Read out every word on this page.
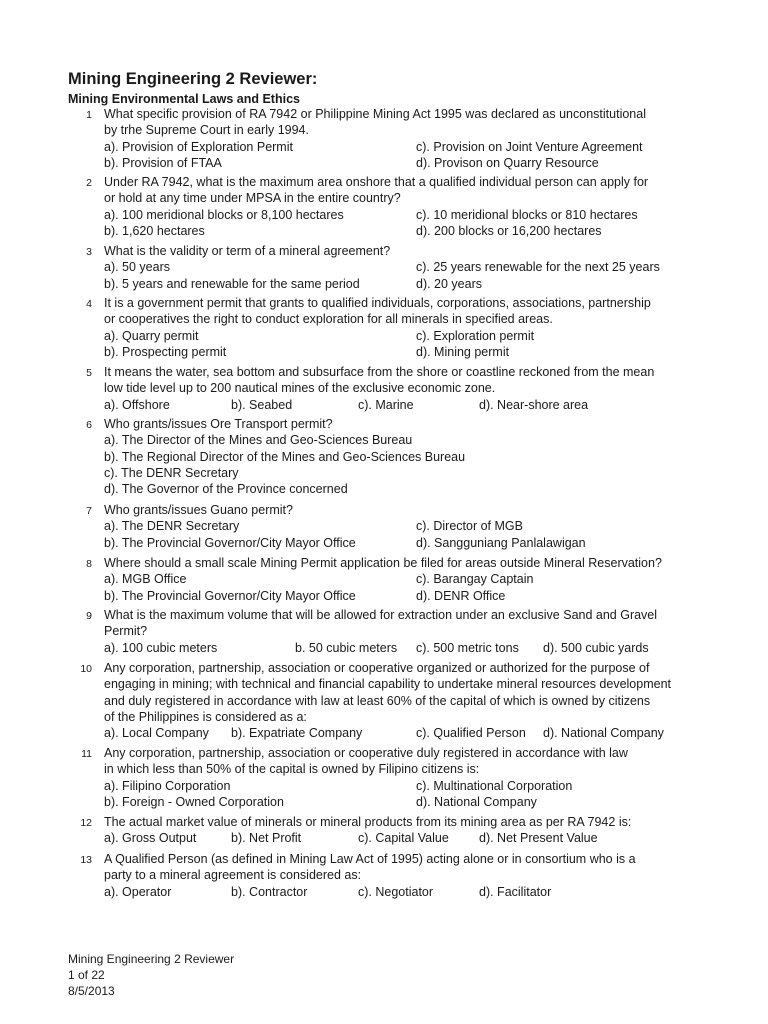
Mining Engineering 2 Reviewer:
Mining Environmental Laws and Ethics
1 What specific provision of RA 7942 or Philippine Mining Act 1995 was declared as unconstitutional
by trhe Supreme Court in early 1994.
a). Provision of Exploration Permit
b). Provision of FTAA
c). Provision on Joint Venture Agreement
d). Provison on Quarry Resource
2 Under RA 7942, what is the maximum area onshore that a qualified individual person can apply for
or hold at any time under MPSA in the entire country?
a). 100 meridional blocks or 8,100 hectares
b). 1,620 hectares
c). 10 meridional blocks or 810 hectares
d). 200 blocks or 16,200 hectares
3 What is the validity or term of a mineral agreement?
a). 50 years
b). 5 years and renewable for the same period
c). 25 years renewable for the next 25 years
d). 20 years
4 It is a government permit that grants to qualified individuals, corporations, associations, partnership
or cooperatives the right to conduct exploration for all minerals in specified areas.
a). Quarry permit
b). Prospecting permit
c). Exploration permit
d). Mining permit
5 It means the water, sea bottom and subsurface from the shore or coastline reckoned from the mean
low tide level up to 200 nautical mines of the exclusive economic zone.
a). Offshore	b). Seabed	c). Marine	d). Near-shore area
6 Who grants/issues Ore Transport permit?
a). The Director of the Mines and Geo-Sciences Bureau
b). The Regional Director of the Mines and Geo-Sciences Bureau
c). The DENR Secretary
d). The Governor of the Province concerned
7 Who grants/issues Guano permit?
a). The DENR Secretary
b). The Provincial Governor/City Mayor Office
c). Director of MGB
d). Sangguniang Panlalawigan
8 Where should a small scale Mining Permit application be filed for areas outside Mineral Reservation?
a). MGB Office
b). The Provincial Governor/City Mayor Office
c). Barangay Captain
d). DENR Office
9 What is the maximum volume that will be allowed for extraction under an exclusive Sand and Gravel
Permit?
a). 100 cubic meters	b. 50 cubic meters c). 500 metric tons d). 500 cubic yards
10 Any corporation, partnership, association or cooperative organized or authorized for the purpose of
engaging in mining; with technical and financial capability to undertake mineral resources development
and duly registered in accordance with law at least 60% of the capital of which is owned by citizens
of the Philippines is considered as a:
a). Local Company b). Expatriate Company	c). Qualified Person d). National Company
11 Any corporation, partnership, association or cooperative duly registered in accordance with law
in which less than 50% of the capital is owned by Filipino citizens is:
a). Filipino Corporation
b). Foreign - Owned Corporation
c). Multinational Corporation
d). National Company
12 The actual market value of minerals or mineral products from its mining area as per RA 7942 is:
a). Gross Output	b). Net Profit	c). Capital Value d). Net Present Value
13 A Qualified Person (as defined in Mining Law Act of 1995) acting alone or in consortium who is a
party to a mineral agreement is considered as:
a). Operator	b). Contractor	c). Negotiator	d). Facilitator
Mining Engineering 2 Reviewer
1 of 22
8/5/2013
